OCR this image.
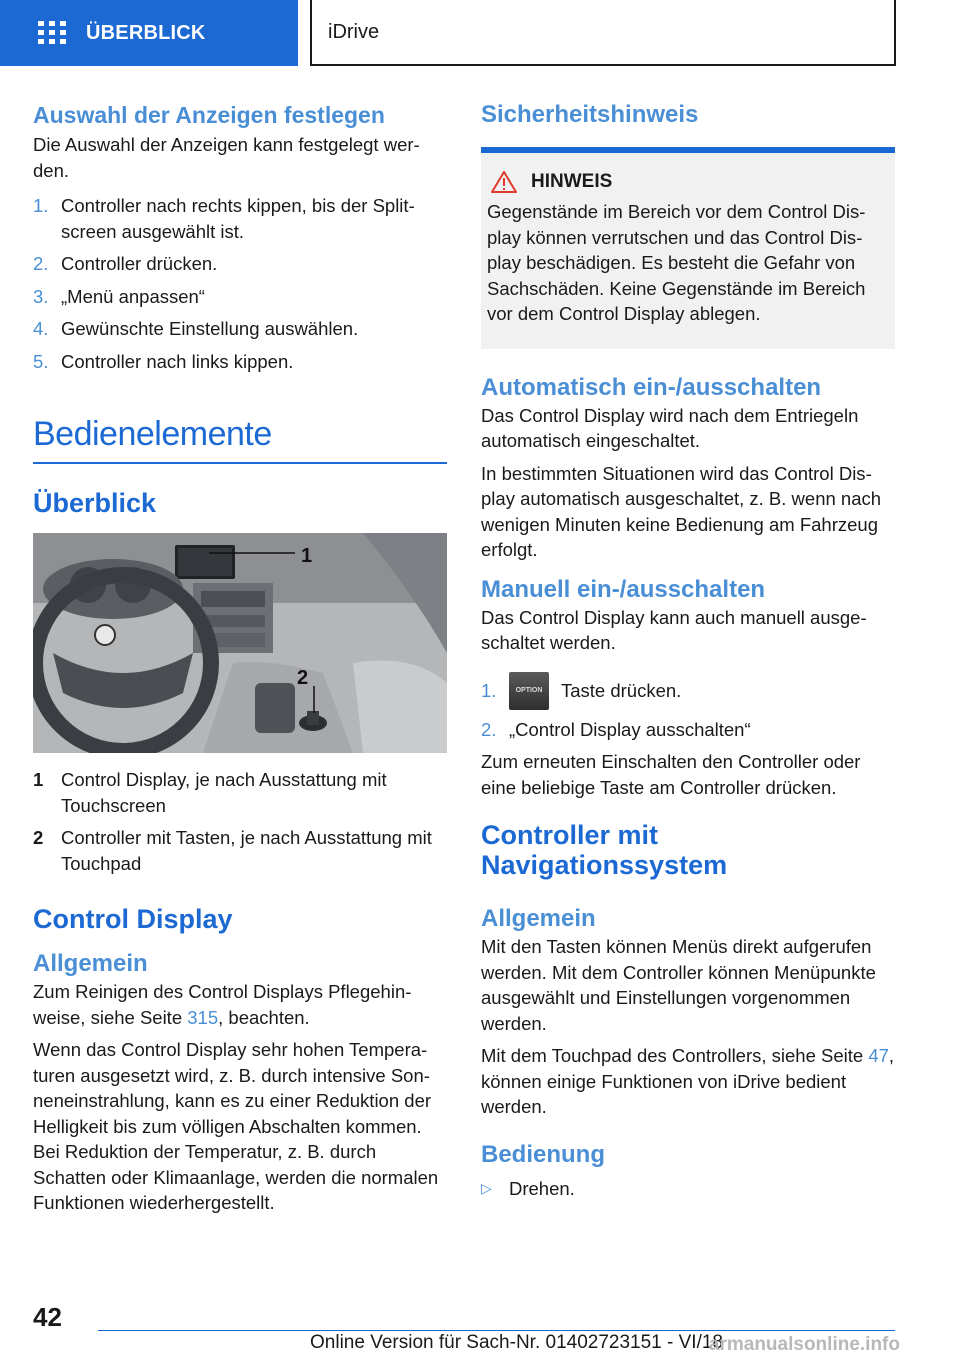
ÜBERBLICK	iDrive
Auswahl der Anzeigen festlegen

Die Auswahl der Anzeigen kann festgelegt werden.

1. Controller nach rechts kippen, bis der Splitscreen ausgewählt ist.
2. Controller drücken.
3. „Menü anpassen“
4. Gewünschte Einstellung auswählen.
5. Controller nach links kippen.
Bedienelemente
Überblick
1
2
1 Control Display, je nach Ausstattung mit Touchscreen
2 Controller mit Tasten, je nach Ausstattung mit Touchpad
Control Display
Allgemein

Zum Reinigen des Control Displays Pflegehinweise, siehe Seite 315, beachten.

Wenn das Control Display sehr hohen Temperaturen ausgesetzt wird, z. B. durch intensive Sonneneinstrahlung, kann es zu einer Reduktion der Helligkeit bis zum völligen Abschalten kommen. Bei Reduktion der Temperatur, z. B. durch Schatten oder Klimaanlage, werden die normalen Funktionen wiederhergestellt.

Sicherheitshinweis
HINWEIS

Gegenstände im Bereich vor dem Control Display können verrutschen und das Control Display beschädigen. Es besteht die Gefahr von Sachschäden. Keine Gegenstände im Bereich vor dem Control Display ablegen.

Automatisch ein-/ausschalten

Das Control Display wird nach dem Entriegeln automatisch eingeschaltet.

In bestimmten Situationen wird das Control Display automatisch ausgeschaltet, z. B. wenn nach wenigen Minuten keine Bedienung am Fahrzeug erfolgt.

Manuell ein-/ausschalten

Das Control Display kann auch manuell ausgeschaltet werden.

1.	OPTION	Taste drücken.
2. „Control Display ausschalten“

Zum erneuten Einschalten den Controller oder eine beliebige Taste am Controller drücken.

Controller mit
Navigationssystem
Allgemein

Mit den Tasten können Menüs direkt aufgerufen werden. Mit dem Controller können Menüpunkte ausgewählt und Einstellungen vorgenommen werden.

Mit dem Touchpad des Controllers, siehe Seite 47, können einige Funktionen von iDrive bedient werden.

Bedienung
▷ Drehen.
42
Online Version für Sach-Nr. 01402723151 - VI/18
armanualsonline.info
